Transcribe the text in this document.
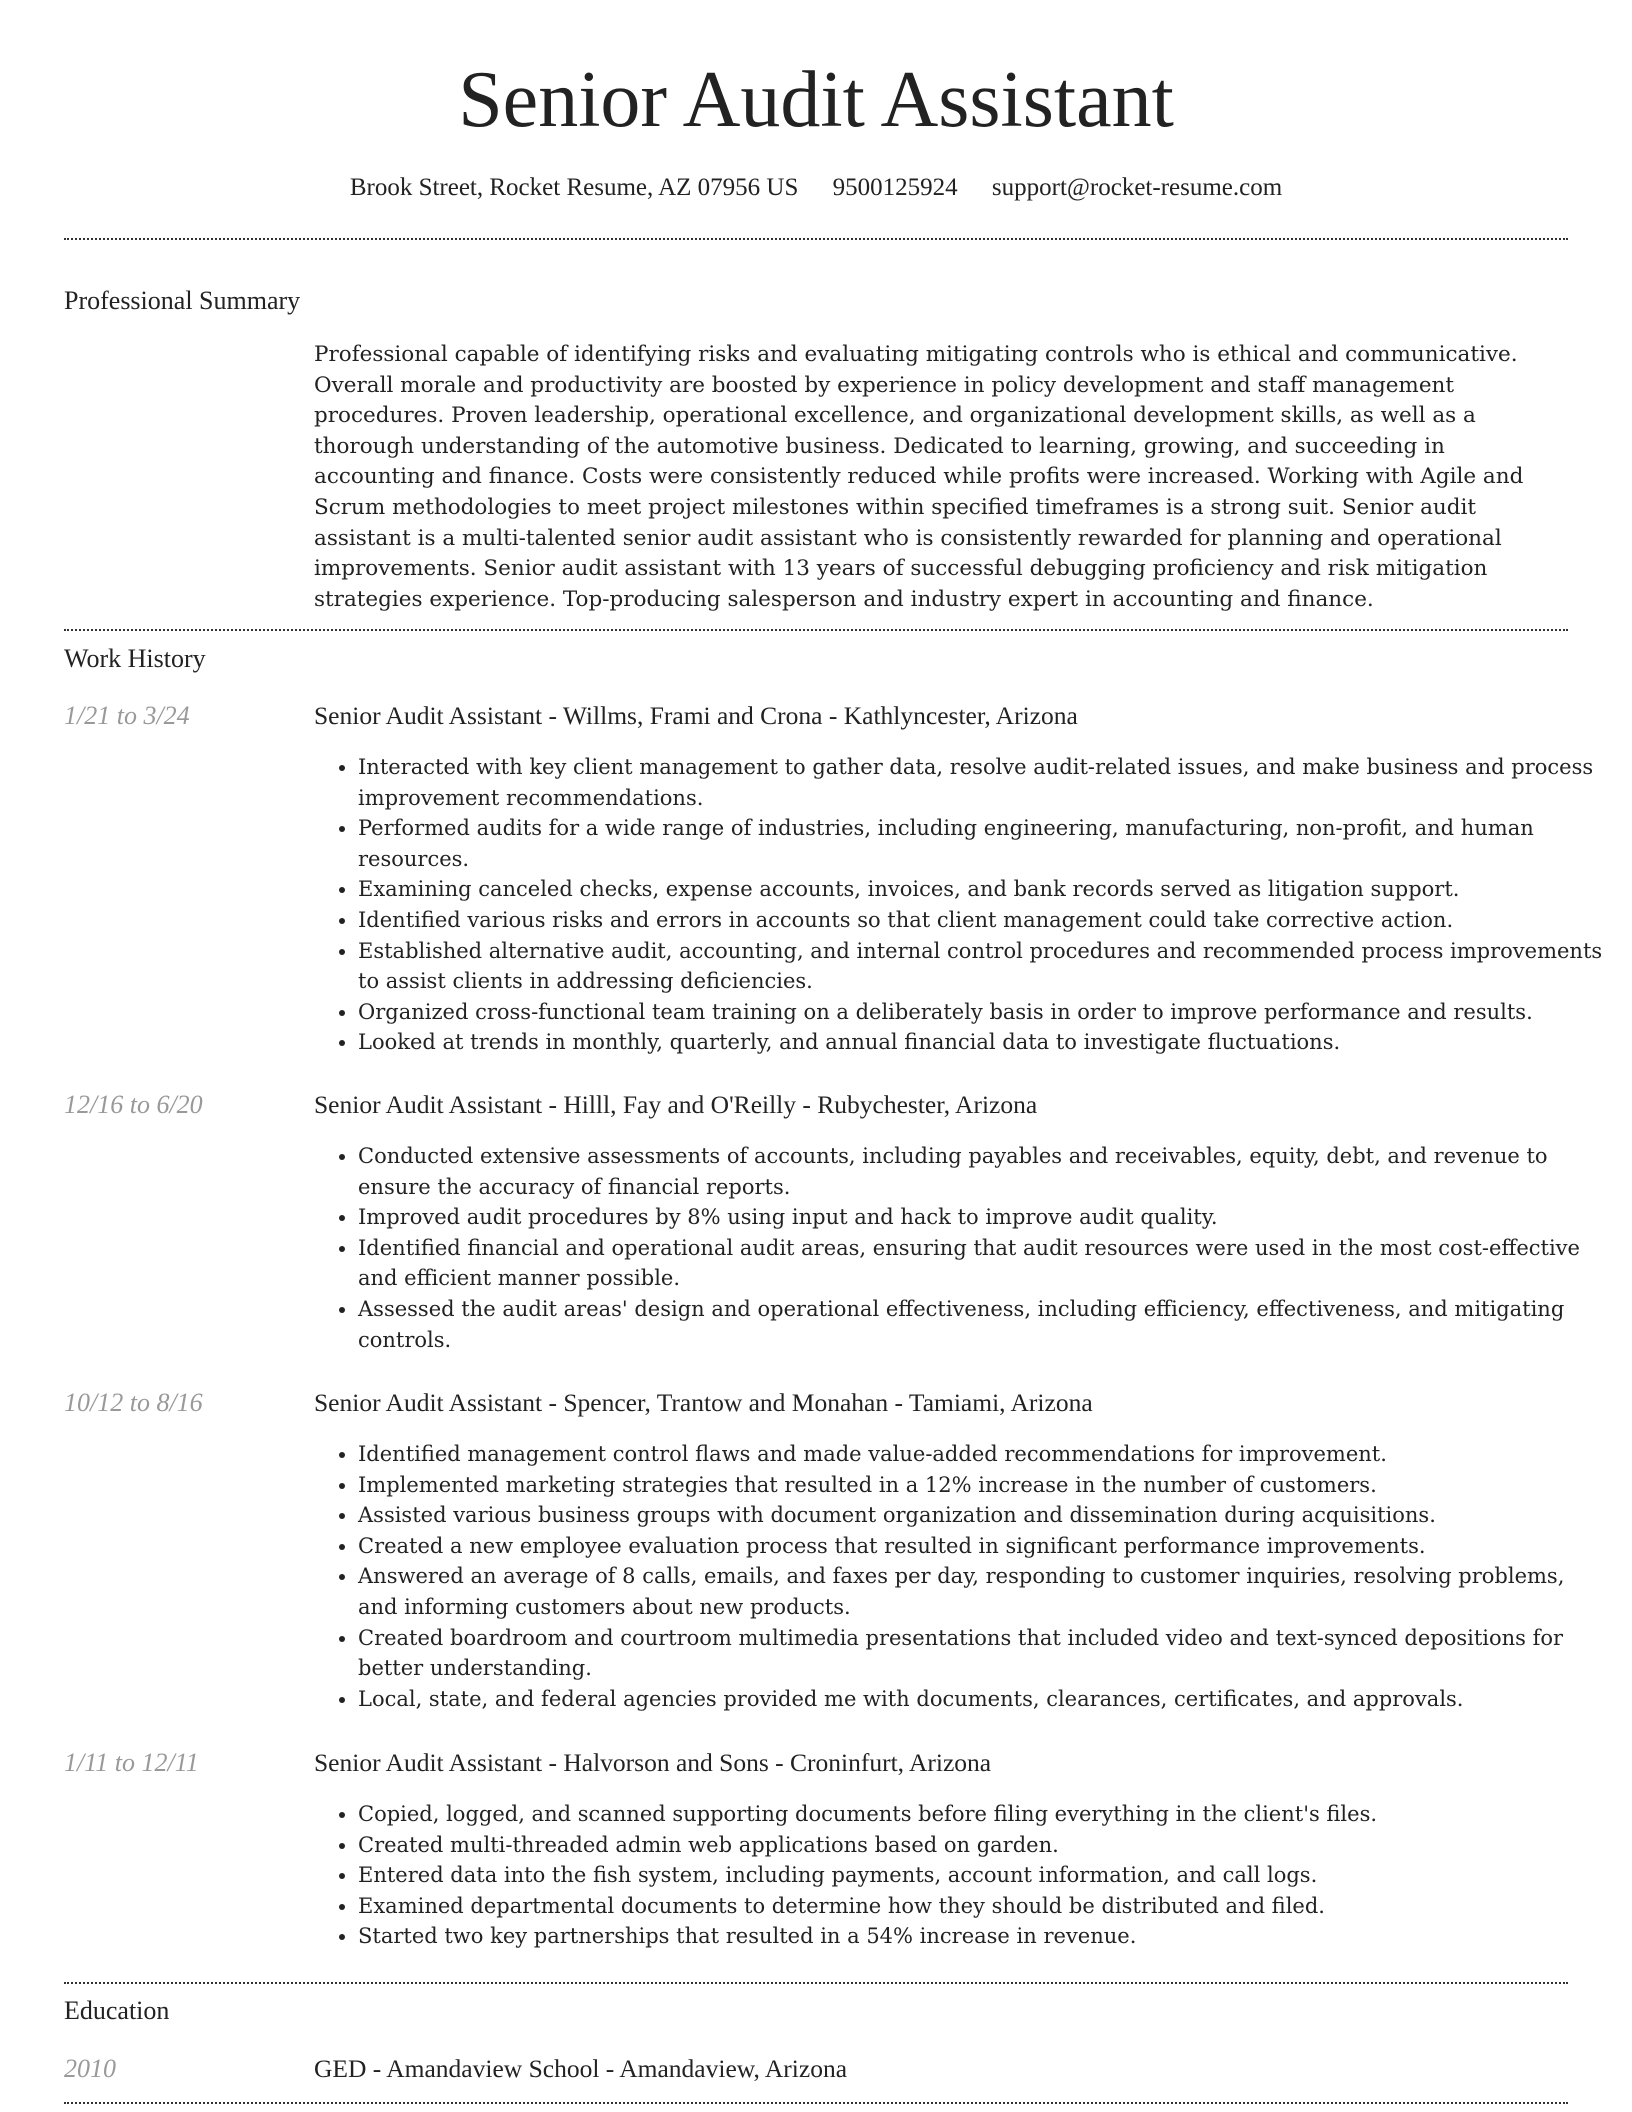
Senior Audit Assistant
Brook Street, Rocket Resume, AZ 07956 US 9500125924 support@rocket-resume.com
Professional Summary
Professional capable of identifying risks and evaluating mitigating controls who is ethical and communicative. Overall morale and productivity are boosted by experience in policy development and staff management procedures. Proven leadership, operational excellence, and organizational development skills, as well as a thorough understanding of the automotive business. Dedicated to learning, growing, and succeeding in accounting and finance. Costs were consistently reduced while profits were increased. Working with Agile and Scrum methodologies to meet project milestones within specified timeframes is a strong suit. Senior audit assistant is a multi-talented senior audit assistant who is consistently rewarded for planning and operational improvements. Senior audit assistant with 13 years of successful debugging proficiency and risk mitigation strategies experience. Top-producing salesperson and industry expert in accounting and finance.
Work History
1/21 to 3/24	Senior Audit Assistant - Willms, Frami and Crona - Kathlyncester, Arizona
• Interacted with key client management to gather data, resolve audit-related issues, and make business and process improvement recommendations.
• Performed audits for a wide range of industries, including engineering, manufacturing, non-profit, and human resources.
• Examining canceled checks, expense accounts, invoices, and bank records served as litigation support.
• Identified various risks and errors in accounts so that client management could take corrective action.
• Established alternative audit, accounting, and internal control procedures and recommended process improvements to assist clients in addressing deficiencies.
• Organized cross-functional team training on a deliberately basis in order to improve performance and results.
• Looked at trends in monthly, quarterly, and annual financial data to investigate fluctuations.
12/16 to 6/20	Senior Audit Assistant - Hilll, Fay and O'Reilly - Rubychester, Arizona
• Conducted extensive assessments of accounts, including payables and receivables, equity, debt, and revenue to ensure the accuracy of financial reports.
• Improved audit procedures by 8% using input and hack to improve audit quality.
• Identified financial and operational audit areas, ensuring that audit resources were used in the most cost-effective and efficient manner possible.
• Assessed the audit areas' design and operational effectiveness, including efficiency, effectiveness, and mitigating controls.
10/12 to 8/16	Senior Audit Assistant - Spencer, Trantow and Monahan - Tamiami, Arizona
• Identified management control flaws and made value-added recommendations for improvement.
• Implemented marketing strategies that resulted in a 12% increase in the number of customers.
• Assisted various business groups with document organization and dissemination during acquisitions.
• Created a new employee evaluation process that resulted in significant performance improvements.
• Answered an average of 8 calls, emails, and faxes per day, responding to customer inquiries, resolving problems, and informing customers about new products.
• Created boardroom and courtroom multimedia presentations that included video and text-synced depositions for better understanding.
• Local, state, and federal agencies provided me with documents, clearances, certificates, and approvals.
1/11 to 12/11	Senior Audit Assistant - Halvorson and Sons - Croninfurt, Arizona
• Copied, logged, and scanned supporting documents before filing everything in the client's files.
• Created multi-threaded admin web applications based on garden.
• Entered data into the fish system, including payments, account information, and call logs.
• Examined departmental documents to determine how they should be distributed and filed.
• Started two key partnerships that resulted in a 54% increase in revenue.
Education
2010	GED - Amandaview School - Amandaview, Arizona
